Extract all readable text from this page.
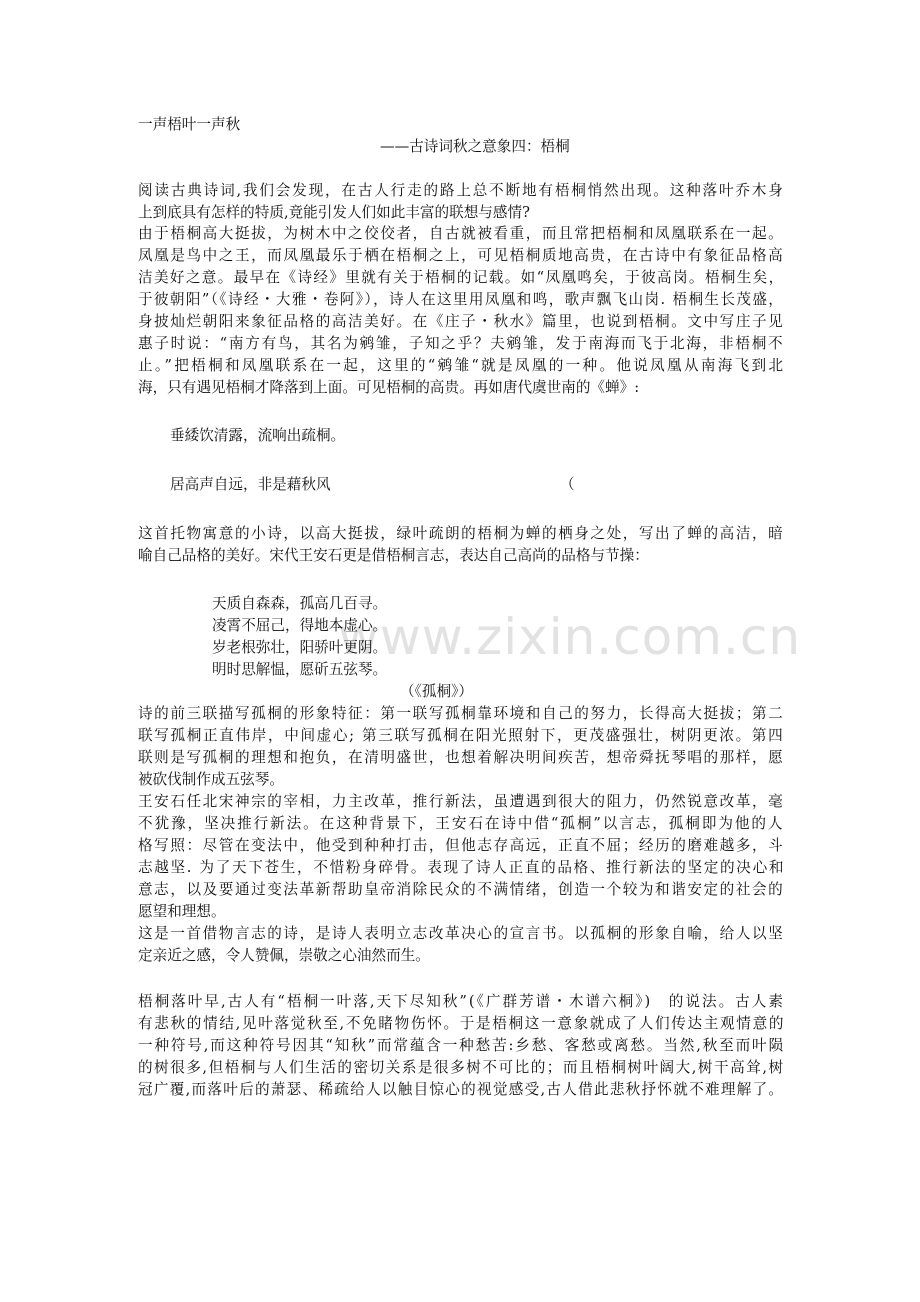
www.zixin.com.cn
一声梧叶一声秋
——古诗词秋之意象四：梧桐
阅读古典诗词,我们会发现，在古人行走的路上总不断地有梧桐悄然出现。这种落叶乔木身
上到底具有怎样的特质,竟能引发人们如此丰富的联想与感情?
由于梧桐高大挺拔，为树木中之佼佼者，自古就被看重，而且常把梧桐和凤凰联系在一起。
凤凰是鸟中之王，而凤凰最乐于栖在梧桐之上，可见梧桐质地高贵，在古诗中有象征品格高
洁美好之意。最早在《诗经》里就有关于梧桐的记载。如“凤凰鸣矣，于彼高岗。梧桐生矣，
于彼朝阳”（《诗经・大雅・卷阿》），诗人在这里用凤凰和鸣，歌声飘飞山岗. 梧桐生长茂盛，
身披灿烂朝阳来象征品格的高洁美好。在《庄子・秋水》篇里，也说到梧桐。文中写庄子见
惠子时说：“南方有鸟，其名为鹓雏，子知之乎？夫鹓雏，发于南海而飞于北海，非梧桐不
止。”把梧桐和凤凰联系在一起，这里的“鹓雏“就是凤凰的一种。他说凤凰从南海飞到北
海，只有遇见梧桐才降落到上面。可见梧桐的高贵。再如唐代虞世南的《蝉》:
垂緌饮清露，流响出疏桐。
居高声自远，非是藉秋风	（
这首托物寓意的小诗，以高大挺拔，绿叶疏朗的梧桐为蝉的栖身之处，写出了蝉的高洁，暗
喻自己品格的美好。宋代王安石更是借梧桐言志，表达自己高尚的品格与节操：
天质自森森，孤高几百寻。
凌霄不屈己，得地本虚心。
岁老根弥壮，阳骄叶更阴。
明时思解愠，愿斫五弦琴。
（《孤桐》）
诗的前三联描写孤桐的形象特征：第一联写孤桐靠环境和自己的努力，长得高大挺拔；第二
联写孤桐正直伟岸，中间虚心; 第三联写孤桐在阳光照射下，更茂盛强壮，树阴更浓。第四
联则是写孤桐的理想和抱负，在清明盛世，也想着解决明间疾苦，想帝舜抚琴唱的那样，愿
被砍伐制作成五弦琴。
王安石任北宋神宗的宰相，力主改革，推行新法，虽遭遇到很大的阻力，仍然锐意改革，毫
不犹豫，坚决推行新法。在这种背景下，王安石在诗中借“孤桐”以言志，孤桐即为他的人
格写照：尽管在变法中，他受到种种打击，但他志存高远，正直不屈；经历的磨难越多，斗
志越坚. 为了天下苍生，不惜粉身碎骨。表现了诗人正直的品格、推行新法的坚定的决心和
意志，以及要通过变法革新帮助皇帝消除民众的不满情绪，创造一个较为和谐安定的社会的
愿望和理想。
这是一首借物言志的诗，是诗人表明立志改革决心的宣言书。以孤桐的形象自喻，给人以坚
定亲近之感，令人赞佩，崇敬之心油然而生。
梧桐落叶早,古人有“梧桐一叶落,天下尽知秋”(《广群芳谱・木谱六桐》)　的说法。古人素
有悲秋的情结,见叶落觉秋至,不免睹物伤怀。于是梧桐这一意象就成了人们传达主观情意的
一种符号,而这种符号因其“知秋”而常蕴含一种愁苦:乡愁、客愁或离愁。当然,秋至而叶陨
的树很多,但梧桐与人们生活的密切关系是很多树不可比的；而且梧桐树叶阔大,树干高耸,树
冠广覆,而落叶后的萧瑟、稀疏给人以触目惊心的视觉感受,古人借此悲秋抒怀就不难理解了。
